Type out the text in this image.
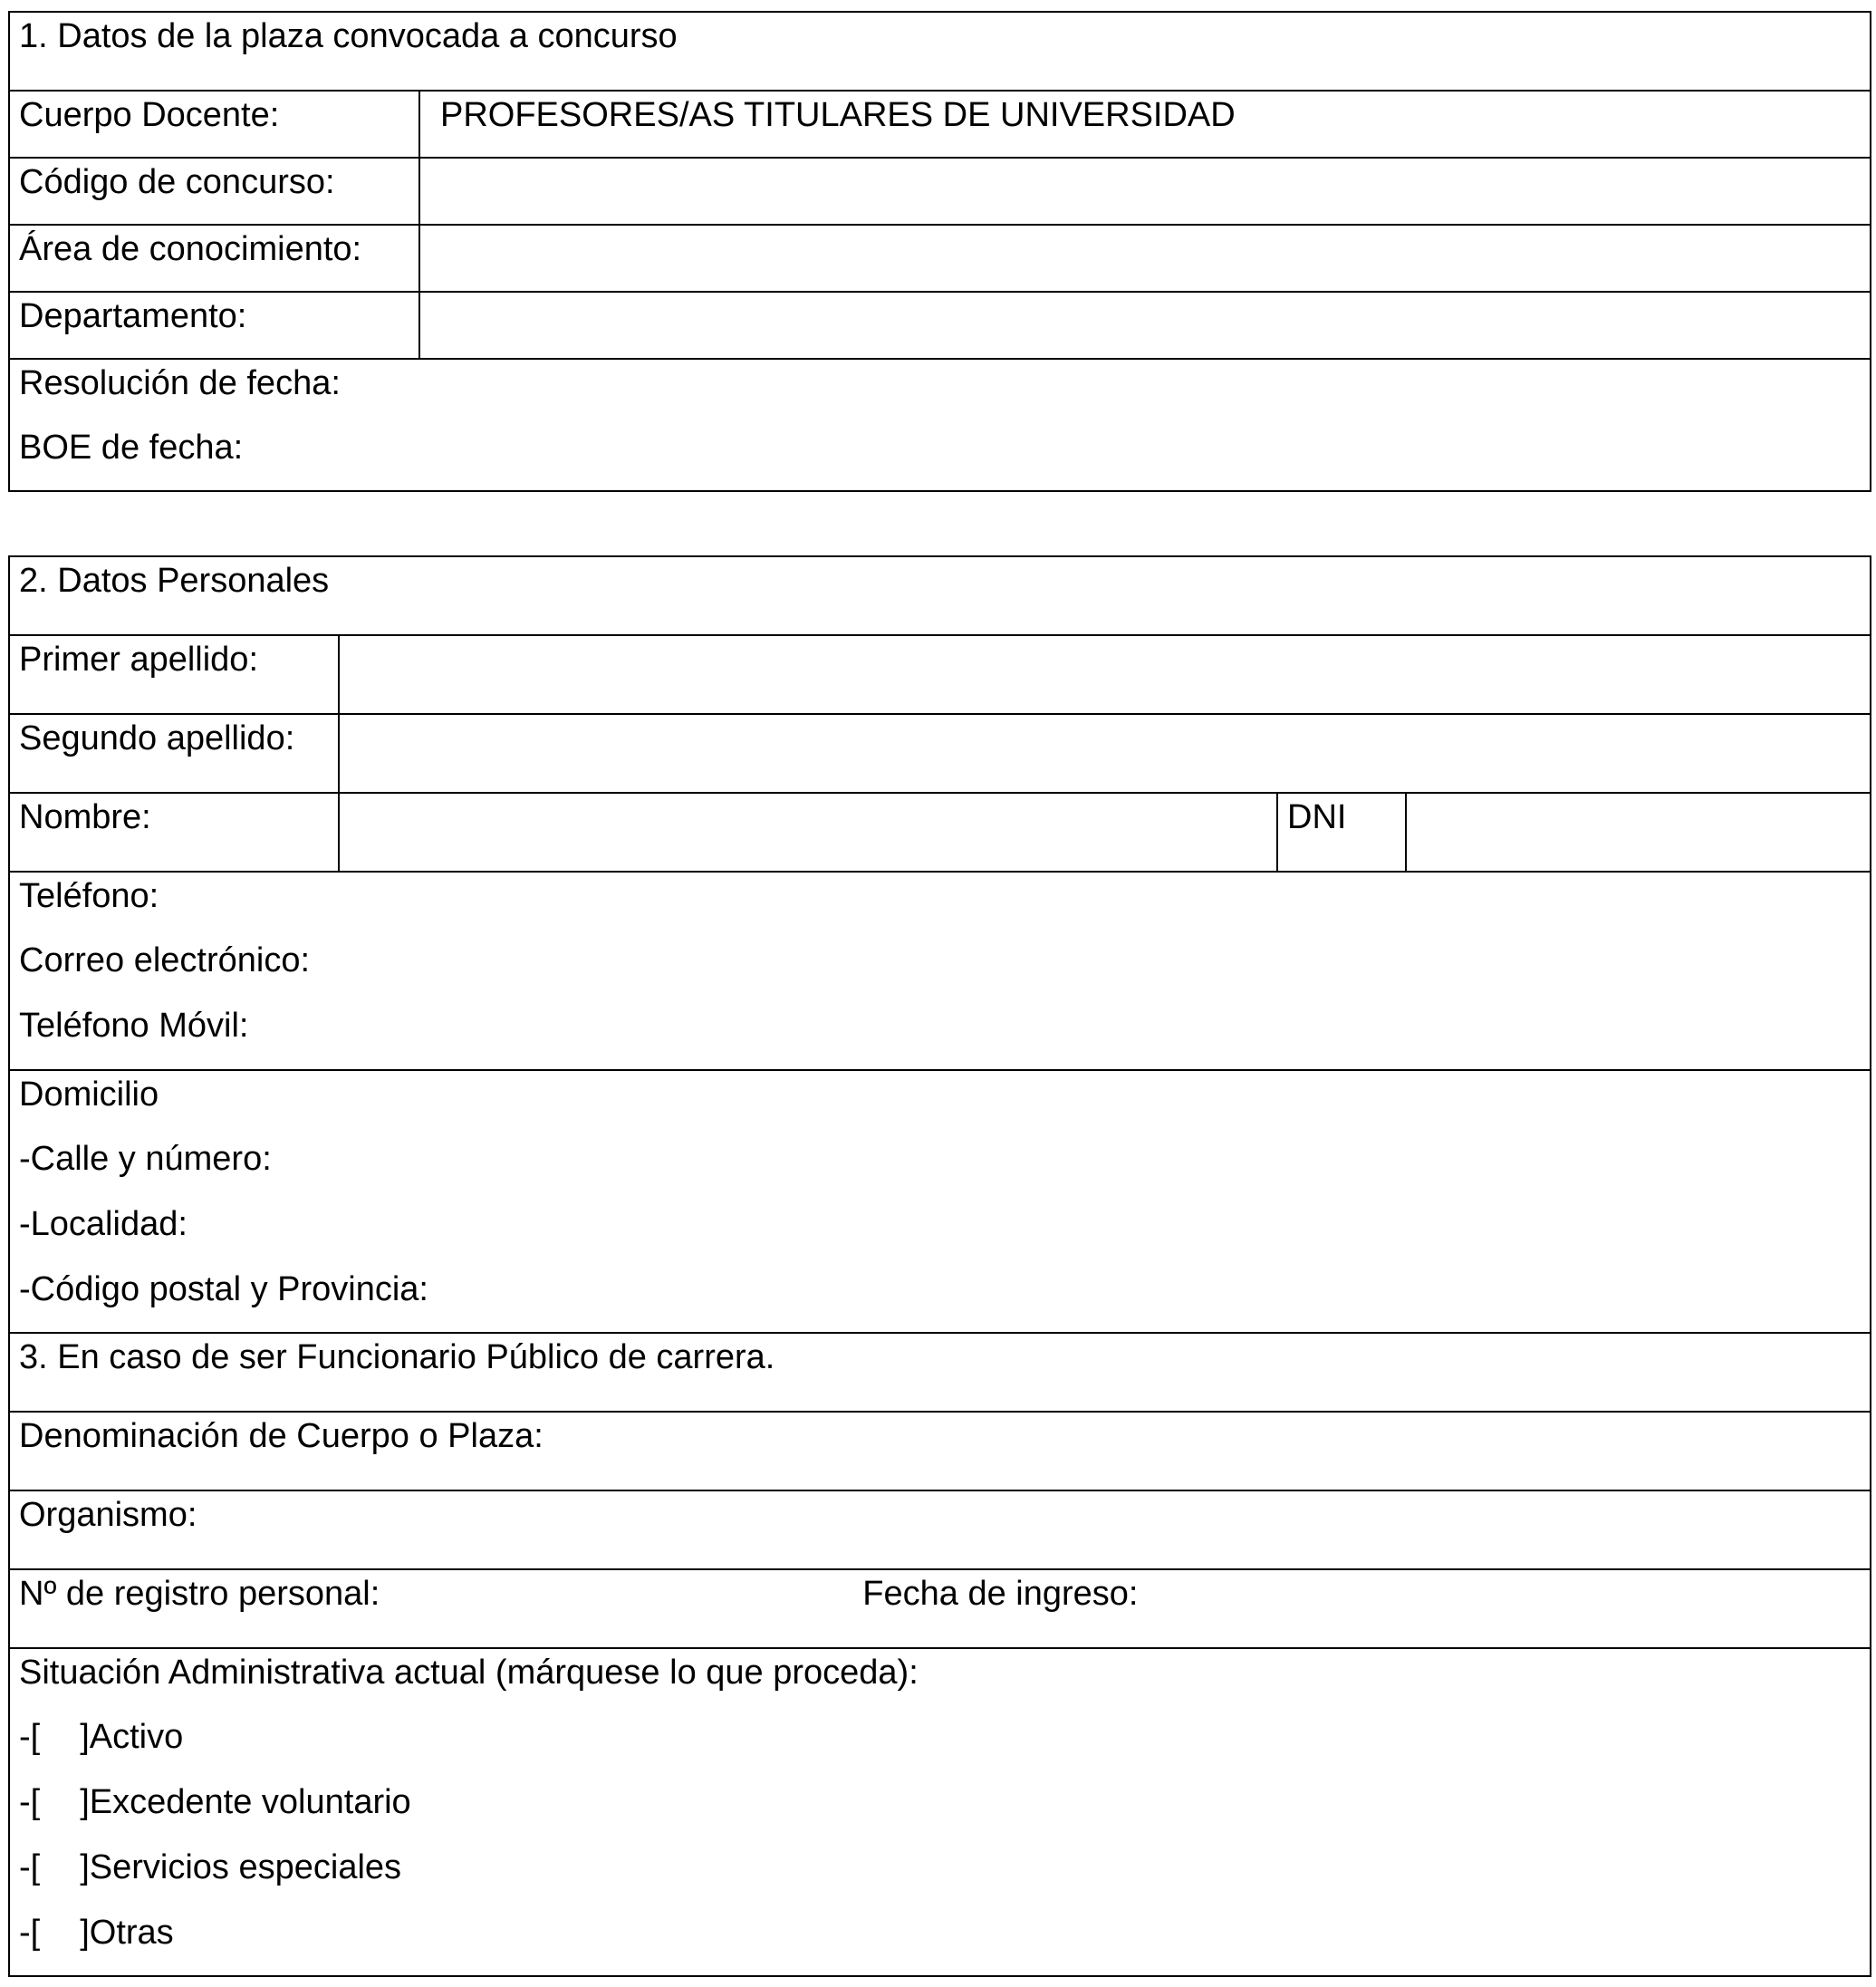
1. Datos de la plaza convocada a concurso	

Cuerpo Docente:	PROFESORES/AS TITULARES DE UNIVERSIDAD

Código de concurso:	

Área de conocimiento:	

Departamento:	

Resolución de fecha:
BOE de fecha:	
2. Datos Personales			

Primer apellido:			

Segundo apellido:			

Nombre:		DNI	

Teléfono:
Correo electrónico:
Teléfono Móvil:			

Domicilio
-Calle y número:
-Localidad:
-Código postal y Provincia:			

3. En caso de ser Funcionario Público de carrera.			

Denominación de Cuerpo o Plaza:			

Organismo:			

Nº de registro personal: Fecha de ingreso:			

Situación Administrativa actual (márquese lo que proceda):
-[ ]Activo
-[ ]Excedente voluntario
-[ ]Servicios especiales
-[ ]Otras			
